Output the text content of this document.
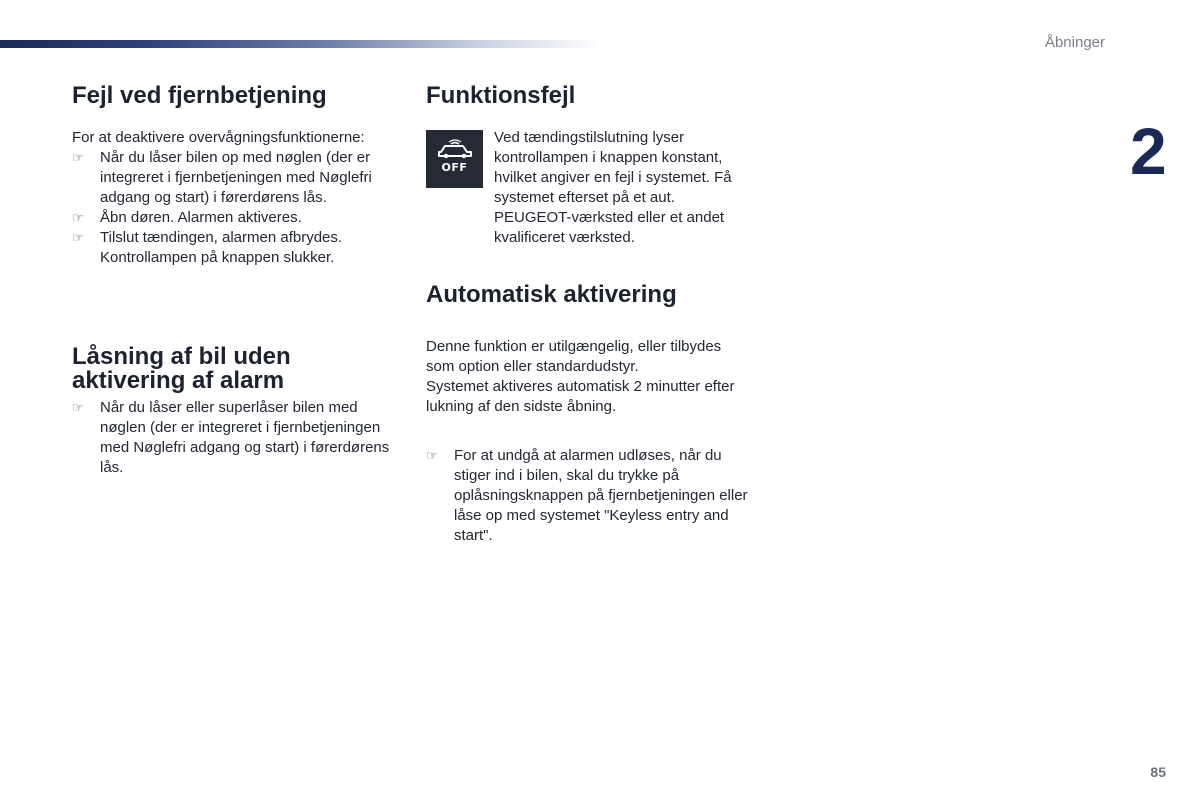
Åbninger
2
Fejl ved fjernbetjening
For at deaktivere overvågningsfunktionerne:
☞ Når du låser bilen op med nøglen (der er integreret i fjernbetjeningen med Nøglefri adgang og start) i førerdørens lås.
☞ Åbn døren. Alarmen aktiveres.
☞ Tilslut tændingen, alarmen afbrydes. Kontrollampen på knappen slukker.
Låsning af bil uden aktivering af alarm
☞ Når du låser eller superlåser bilen med nøglen (der er integreret i fjernbetjeningen med Nøglefri adgang og start) i førerdørens lås.
Funktionsfejl
OFF
Ved tændingstilslutning lyser kontrollampen i knappen konstant, hvilket angiver en fejl i systemet. Få systemet efterset på et aut. PEUGEOT-værksted eller et andet kvalificeret værksted.
Automatisk aktivering
Denne funktion er utilgængelig, eller tilbydes som option eller standardudstyr.
Systemet aktiveres automatisk 2 minutter efter lukning af den sidste åbning.
☞ For at undgå at alarmen udløses, når du stiger ind i bilen, skal du trykke på oplåsningsknappen på fjernbetjeningen eller låse op med systemet "Keyless entry and start".
85
